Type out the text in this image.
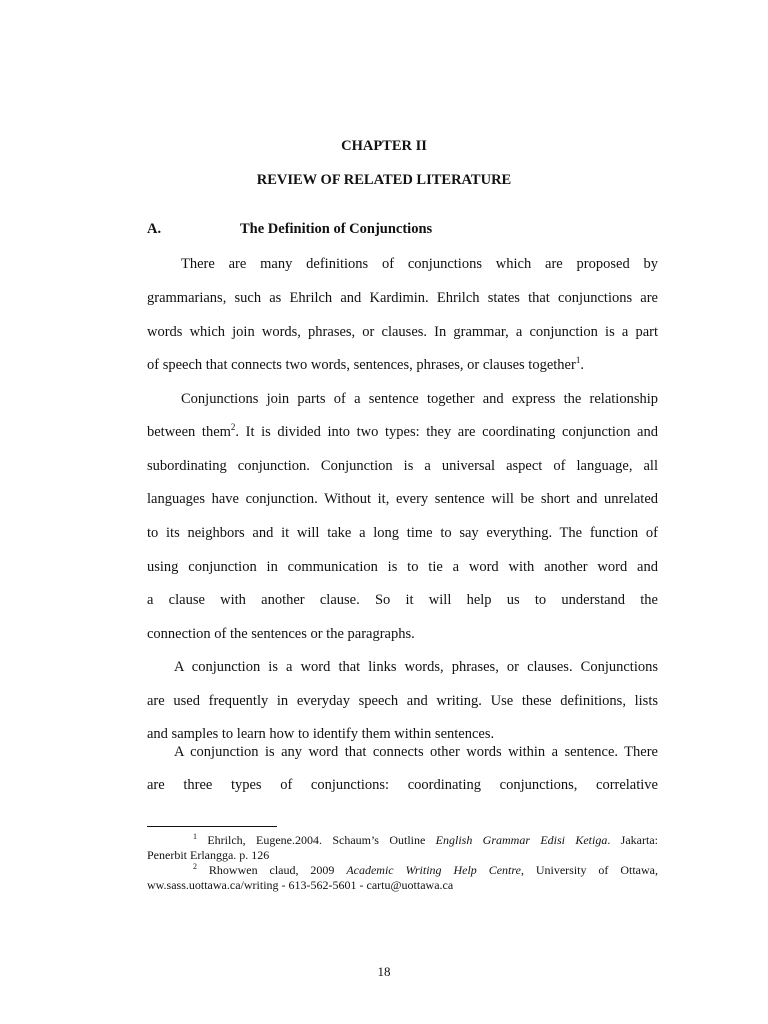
CHAPTER II
REVIEW OF RELATED LITERATURE
A.	The Definition of Conjunctions
There are many definitions of conjunctions which are proposed by
grammarians, such as Ehrilch and Kardimin. Ehrilch states that conjunctions are
words which join words, phrases, or clauses. In grammar, a conjunction is a part
of speech that connects two words, sentences, phrases, or clauses together$^1$.
Conjunctions join parts of a sentence together and express the relationship
between them$^2$. It is divided into two types: they are coordinating conjunction and
subordinating conjunction. Conjunction is a universal aspect of language, all
languages have conjunction. Without it, every sentence will be short and unrelated
to its neighbors and it will take a long time to say everything. The function of
using conjunction in communication is to tie a word with another word and
a clause with another clause. So it will help us to understand the
connection of the sentences or the paragraphs.
A conjunction is a word that links words, phrases, or clauses. Conjunctions
are used frequently in everyday speech and writing. Use these definitions, lists
and samples to learn how to identify them within sentences.
A conjunction is any word that connects other words within a sentence. There
are three types of conjunctions: coordinating conjunctions, correlative
$^1$ Ehrilch, Eugene.2004. Schaum’s Outline English Grammar Edisi Ketiga. Jakarta:
Penerbit Erlangga. p. 126
$^2$ Rhowwen claud, 2009 Academic Writing Help Centre, University of Ottawa,
ww.sass.uottawa.ca/writing - 613-562-5601 - cartu@uottawa.ca
18
